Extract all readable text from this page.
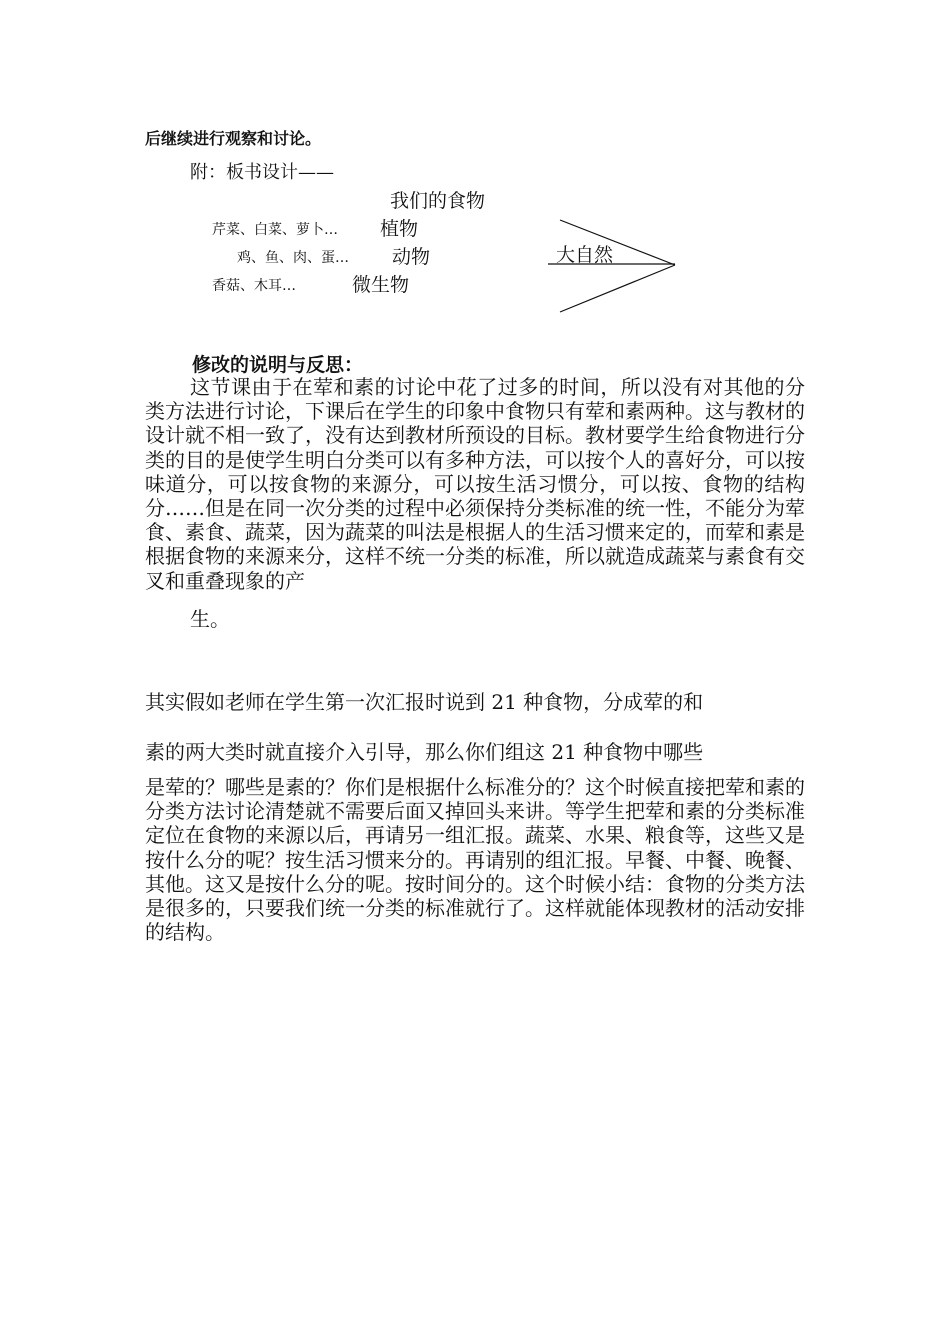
后继续进行观察和讨论。
附：板书设计——
我们的食物
芹菜、白菜、萝卜… 植物
鸡、鱼、肉、蛋… 动物
香菇、木耳…	微生物
大自然
修改的说明与反思：

这节课由于在荤和素的讨论中花了过多的时间，所以没有对其他的分类方法进行讨论，下课后在学生的印象中食物只有荤和素两种。这与教材的设计就不相一致了，没有达到教材所预设的目标。教材要学生给食物进行分类的目的是使学生明白分类可以有多种方法，可以按个人的喜好分，可以按味道分，可以按食物的来源分，可以按生活习惯分，可以按、食物的结构分……但是在同一次分类的过程中必须保持分类标准的统一性，不能分为荤食、素食、蔬菜，因为蔬菜的叫法是根据人的生活习惯来定的，而荤和素是根据食物的来源来分，这样不统一分类的标准，所以就造成蔬菜与素食有交叉和重叠现象的产
生。

其实假如老师在学生第一次汇报时说到 21 种食物，分成荤的和

素的两大类时就直接介入引导，那么你们组这 21 种食物中哪些

是荤的？哪些是素的？你们是根据什么标准分的？这个时候直接把荤和素的分类方法讨论清楚就不需要后面又掉回头来讲。等学生把荤和素的分类标准定位在食物的来源以后，再请另一组汇报。蔬菜、水果、粮食等，这些又是按什么分的呢？按生活习惯来分的。再请别的组汇报。早餐、中餐、晚餐、其他。这又是按什么分的呢。按时间分的。这个时候小结：食物的分类方法是很多的，只要我们统一分类的标准就行了。这样就能体现教材的活动安排的结构。
